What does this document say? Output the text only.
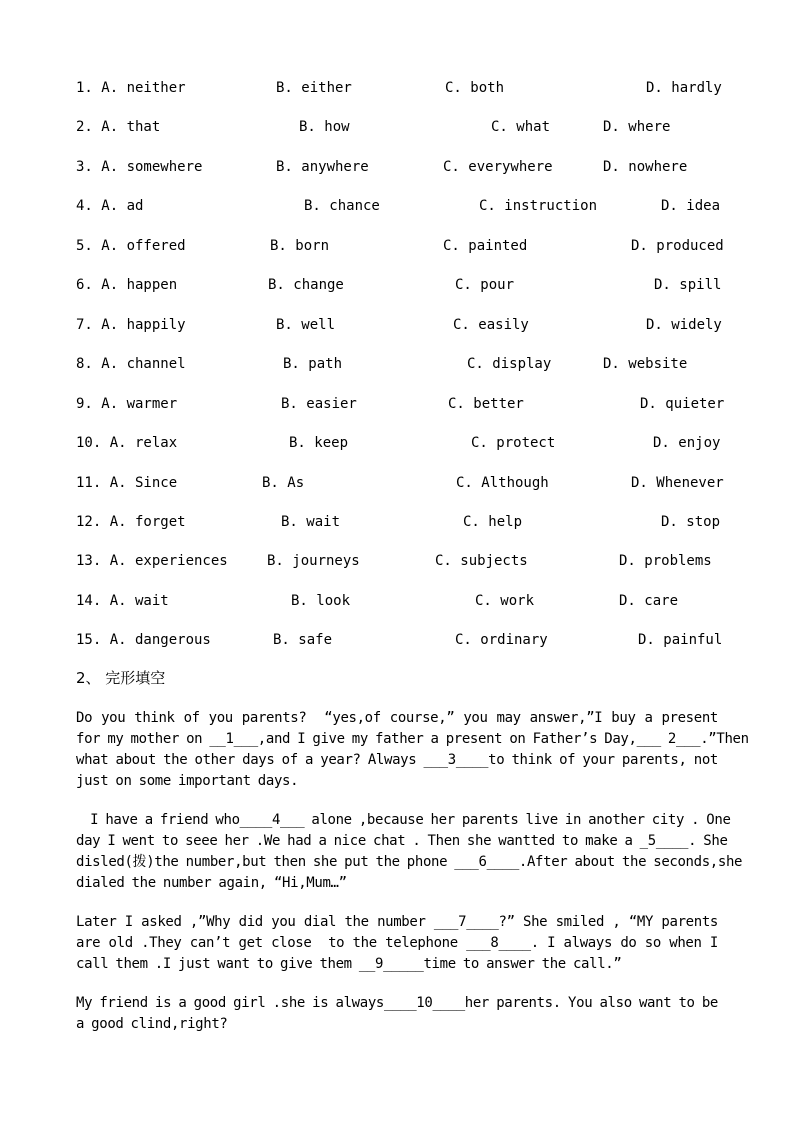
1. A. neither	B. either	C. both	D. hardly
2. A. that	B. how	C. what	D. where
3. A. somewhere	B. anywhere	C. everywhere	D. nowhere
4. A. ad	B. chance	C. instruction	D. idea
5. A. offered	B. born	C. painted	D. produced
6. A. happen	B. change	C. pour	D. spill
7. A. happily	B. well	C. easily	D. widely
8. A. channel	B. path	C. display	D. website
9. A. warmer	B. easier	C. better	D. quieter
10. A. relax	B. keep	C. protect	D. enjoy
11. A. Since	B. As	C. Although	D. Whenever
12. A. forget	B. wait	C. help	D. stop
13. A. experiences	B. journeys	C. subjects	D. problems
14. A. wait	B. look	C. work	D. care
15. A. dangerous	B. safe	C. ordinary	D. painful
2、 完形填空
Do you think of you parents?  “yes,of course,” you may answer,”I buy a present
for my mother on __1___,and I give my father a present on Father’s Day,___ 2___.”Then
what about the other days of a year? Always ___3____to think of your parents, not
just on some important days.
I have a friend who____4___ alone ,because her parents live in another city . One
day I went to seee her .We had a nice chat . Then she wantted to make a _5____. She
disled(拨)the number,but then she put the phone ___6____.After about the seconds,she
dialed the number again, “Hi,Mum…”
Later I asked ,”Why did you dial the number ___7____?” She smiled , “MY parents
are old .They can’t get close  to the telephone ___8____. I always do so when I
call them .I just want to give them __9_____time to answer the call.”
My friend is a good girl .she is always____10____her parents. You also want to be
a good clind,right?
